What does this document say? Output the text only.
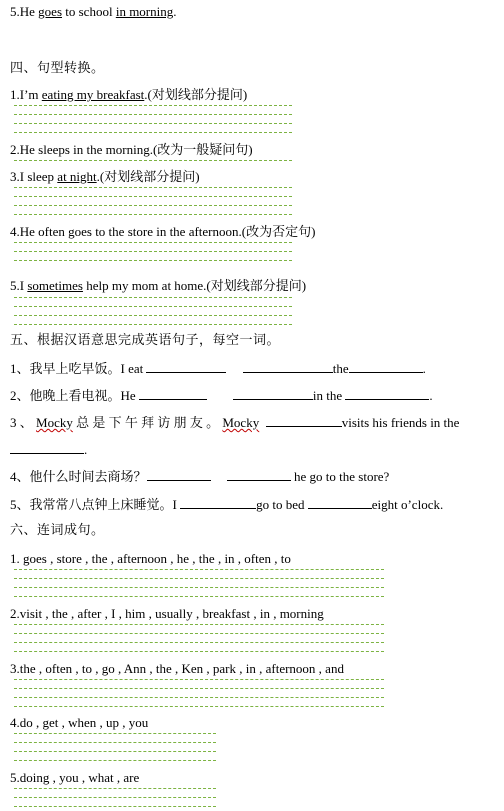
5.He goes to school in morning.
四、句型转换。
1.I’m eating my breakfast.(对划线部分提问)
2.He sleeps in the morning.(改为一般疑问句)
3.I sleep at night.(对划线部分提问)
4.He often goes to the store in the afternoon.(改为否定句)
5.I sometimes help my mom at home.(对划线部分提问)
五、根据汉语意思完成英语句子，每空一词。
1、我早上吃早饭。I eat	the	.
2、他晚上看电视。He	in the	.
3 、 Mocky 总 是 下 午 拜 访 朋 友 。 Mocky	visits his friends in the
.
4、他什么时间去商场？	he go to the store?
5、我常常八点钟上床睡觉。I	go to bed	eight o’clock.
六、连词成句。
1. goes , store , the , afternoon , he , the , in , often , to
2.visit , the , after , I , him , usually , breakfast , in , morning
3.the , often , to , go , Ann , the , Ken , park , in , afternoon , and
4.do , get , when , up , you
5.doing , you , what , are
